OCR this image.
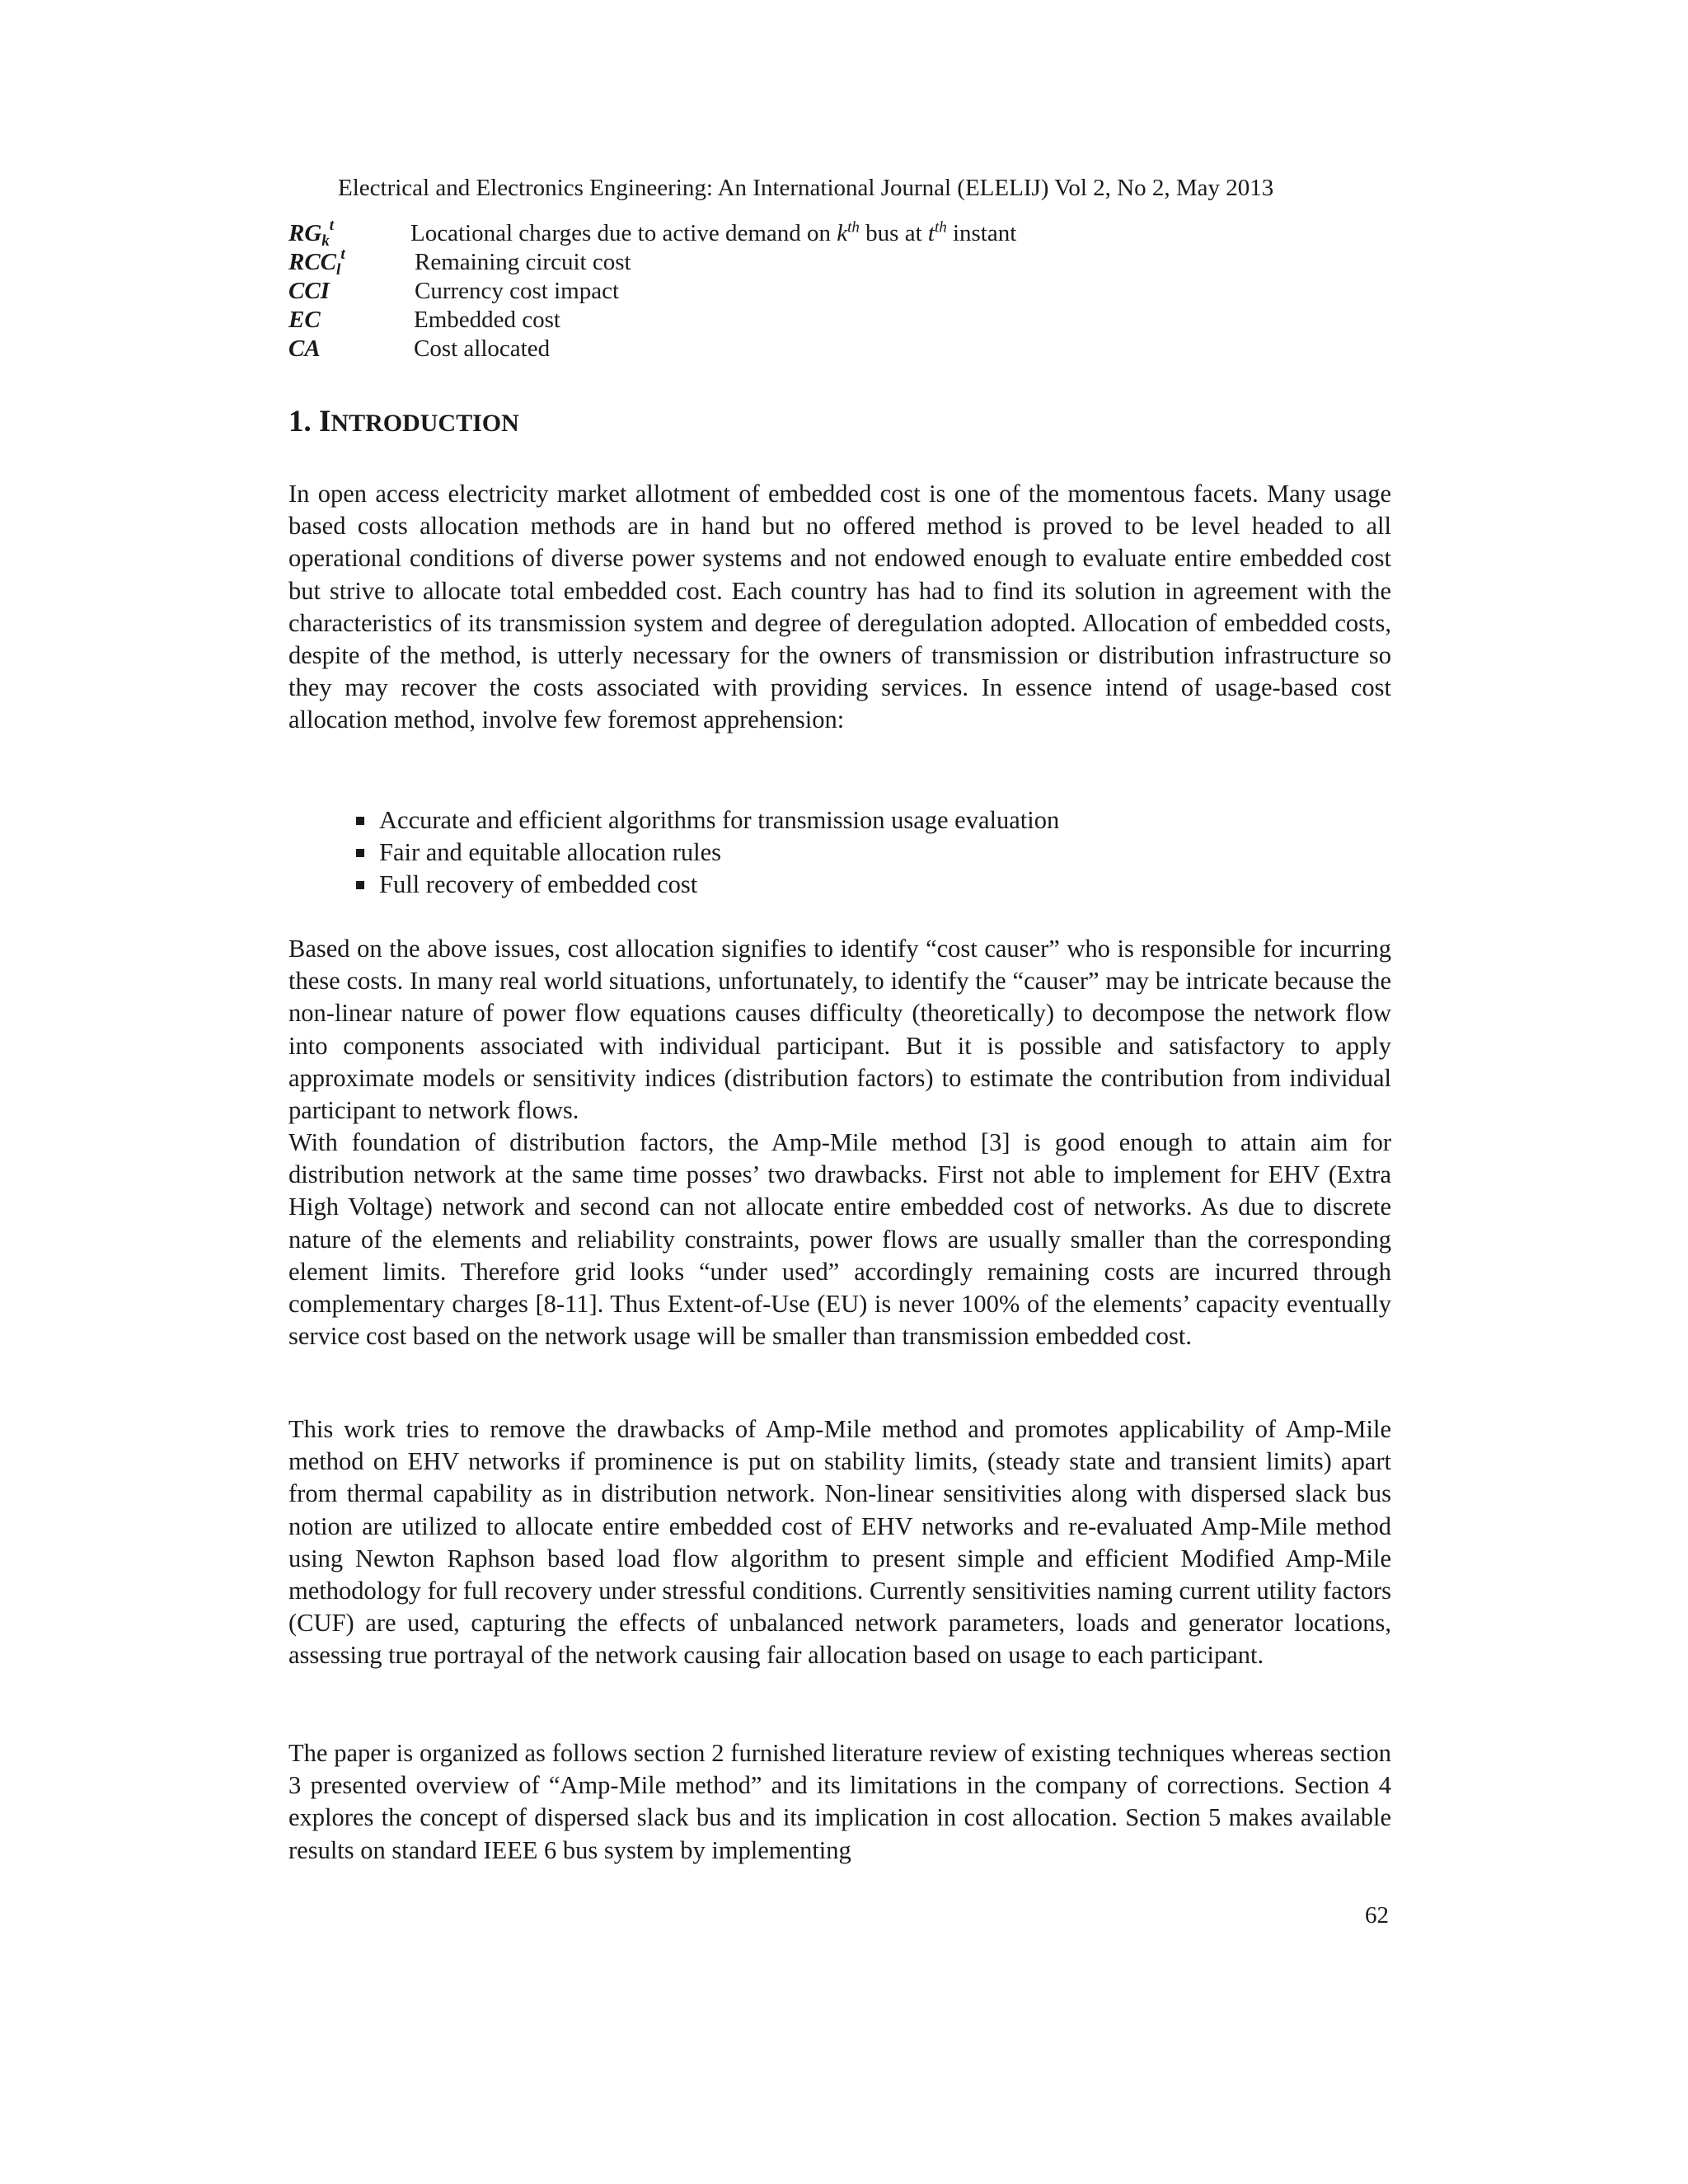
Electrical and Electronics Engineering: An International Journal (ELELIJ) Vol 2, No 2, May 2013
$RG_k^t$	Locational charges due to active demand on $k^{th}$ bus at $t^{th}$ instant
$RCC_l^t$	Remaining circuit cost
CCI	Currency cost impact
EC	Embedded cost
CA	Cost allocated
1. INTRODUCTION

In open access electricity market allotment of embedded cost is one of the momentous facets. Many usage based costs allocation methods are in hand but no offered method is proved to be level headed to all operational conditions of diverse power systems and not endowed enough to evaluate entire embedded cost but strive to allocate total embedded cost. Each country has had to find its solution in agreement with the characteristics of its transmission system and degree of deregulation adopted. Allocation of embedded costs, despite of the method, is utterly necessary for the owners of transmission or distribution infrastructure so they may recover the costs associated with providing services. In essence intend of usage-based cost allocation method, involve few foremost apprehension:

Accurate and efficient algorithms for transmission usage evaluation
Fair and equitable allocation rules
Full recovery of embedded cost

Based on the above issues, cost allocation signifies to identify “cost causer” who is responsible for incurring these costs. In many real world situations, unfortunately, to identify the “causer” may be intricate because the non-linear nature of power flow equations causes difficulty (theoretically) to decompose the network flow into components associated with individual participant. But it is possible and satisfactory to apply approximate models or sensitivity indices (distribution factors) to estimate the contribution from individual participant to network flows.

With foundation of distribution factors, the Amp-Mile method [3] is good enough to attain aim for distribution network at the same time posses’ two drawbacks. First not able to implement for EHV (Extra High Voltage) network and second can not allocate entire embedded cost of networks. As due to discrete nature of the elements and reliability constraints, power flows are usually smaller than the corresponding element limits. Therefore grid looks “under used” accordingly remaining costs are incurred through complementary charges [8-11]. Thus Extent-of-Use (EU) is never 100% of the elements’ capacity eventually service cost based on the network usage will be smaller than transmission embedded cost.

This work tries to remove the drawbacks of Amp-Mile method and promotes applicability of Amp-Mile method on EHV networks if prominence is put on stability limits, (steady state and transient limits) apart from thermal capability as in distribution network. Non-linear sensitivities along with dispersed slack bus notion are utilized to allocate entire embedded cost of EHV networks and re-evaluated Amp-Mile method using Newton Raphson based load flow algorithm to present simple and efficient Modified Amp-Mile methodology for full recovery under stressful conditions. Currently sensitivities naming current utility factors (CUF) are used, capturing the effects of unbalanced network parameters, loads and generator locations, assessing true portrayal of the network causing fair allocation based on usage to each participant.

The paper is organized as follows section 2 furnished literature review of existing techniques whereas section 3 presented overview of “Amp-Mile method” and its limitations in the company of corrections. Section 4 explores the concept of dispersed slack bus and its implication in cost allocation. Section 5 makes available results on standard IEEE 6 bus system by implementing

62
